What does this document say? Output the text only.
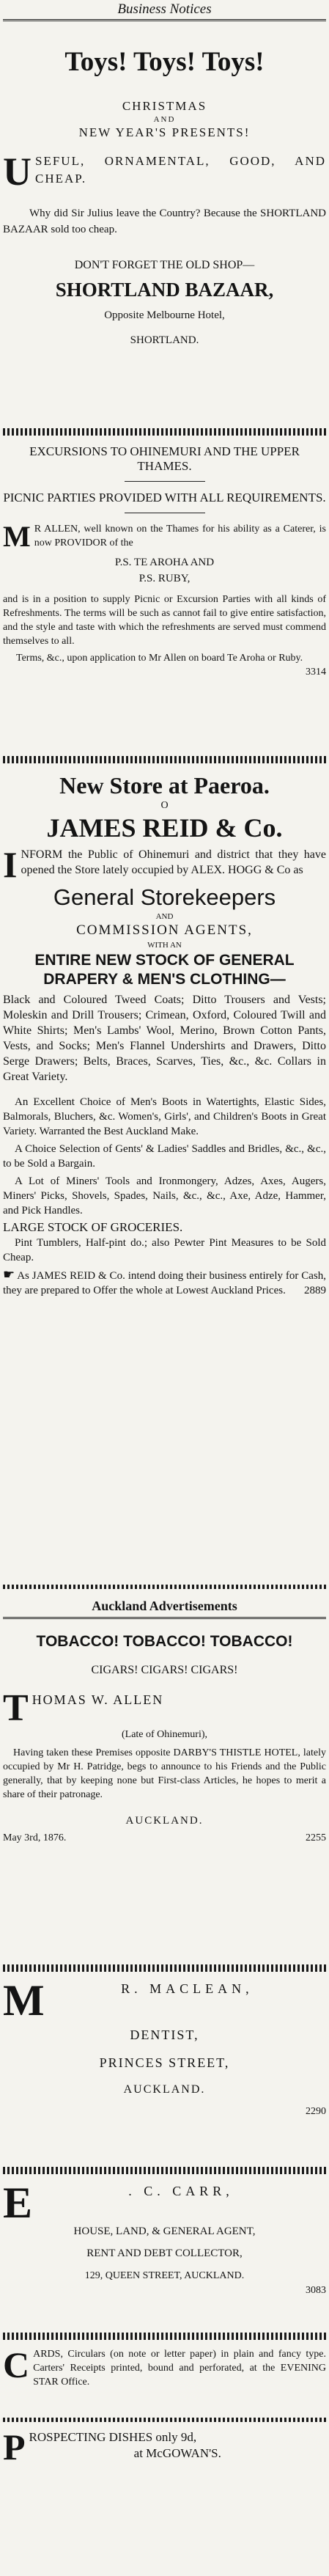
Business Notices
Toys! Toys! Toys!
CHRISTMAS
AND
NEW YEAR'S PRESENTS!
U SEFUL, ORNAMENTAL, GOOD, AND CHEAP.

Why did Sir Julius leave the Country? Because the SHORTLAND BAZAAR sold too cheap.

DON'T FORGET THE OLD SHOP—
SHORTLAND BAZAAR,
Opposite Melbourne Hotel,
SHORTLAND.
EXCURSIONS TO OHINEMURI AND THE UPPER THAMES.
PICNIC PARTIES PROVIDED WITH ALL REQUIREMENTS.
M R ALLEN, well known on the Thames for his ability as a Caterer, is now PROVIDOR of the

P.S. TE AROHA AND
P.S. RUBY,

and is in a position to supply Picnic or Excursion Parties with all kinds of Refreshments. The terms will be such as cannot fail to give entire satisfaction, and the style and taste with which the refreshments are served must commend themselves to all.

Terms, &c., upon application to Mr Allen on board Te Aroha or Ruby.
3314

New Store at Paeroa.
O
JAMES REID & Co.
I NFORM the Public of Ohinemuri and district that they have opened the Store lately occupied by ALEX. HOGG & Co as

General Storekeepers
AND
COMMISSION AGENTS,
WITH AN
ENTIRE NEW STOCK OF GENERAL
DRAPERY & MEN'S CLOTHING—

Black and Coloured Tweed Coats; Ditto Trousers and Vests; Moleskin and Drill Trousers; Crimean, Oxford, Coloured Twill and White Shirts; Men's Lambs' Wool, Merino, Brown Cotton Pants, Vests, and Socks; Men's Flannel Undershirts and Drawers, Ditto Serge Drawers; Belts, Braces, Scarves, Ties, &c., &c. Collars in Great Variety.

An Excellent Choice of Men's Boots in Watertights, Elastic Sides, Balmorals, Bluchers, &c. Women's, Girls', and Children's Boots in Great Variety. Warranted the Best Auckland Make.

A Choice Selection of Gents' & Ladies' Saddles and Bridles, &c., &c., to be Sold a Bargain.

A Lot of Miners' Tools and Ironmongery, Adzes, Axes, Augers, Miners' Picks, Shovels, Spades, Nails, &c., &c., Axe, Adze, Hammer, and Pick Handles.

LARGE STOCK OF GROCERIES.

Pint Tumblers, Half-pint do.; also Pewter Pint Measures to be Sold Cheap.

☛ As JAMES REID & Co. intend doing their business entirely for Cash, they are prepared to Offer the whole at Lowest Auckland Prices. 2889

Auckland Advertisements
TOBACCO! TOBACCO! TOBACCO!
CIGARS! CIGARS! CIGARS!
T HOMAS W. ALLEN
(Late of Ohinemuri),

Having taken these Premises opposite DARBY'S THISTLE HOTEL, lately occupied by Mr H. Patridge, begs to announce to his Friends and the Public generally, that by keeping none but First-class Articles, he hopes to merit a share of their patronage.

AUCKLAND.
May 3rd, 1876.	2255
M	R. MACLEAN,
DENTIST,
PRINCES STREET,
AUCKLAND.
2290
E	. C. CARR,
HOUSE, LAND, & GENERAL AGENT,
RENT AND DEBT COLLECTOR,
129, QUEEN STREET, AUCKLAND.
3083
C ARDS, Circulars (on note or letter paper) in plain and fancy type. Carters' Receipts printed, bound and perforated, at the EVENING STAR Office.

P ROSPECTING DISHES only 9d,
at McGOWAN'S.
